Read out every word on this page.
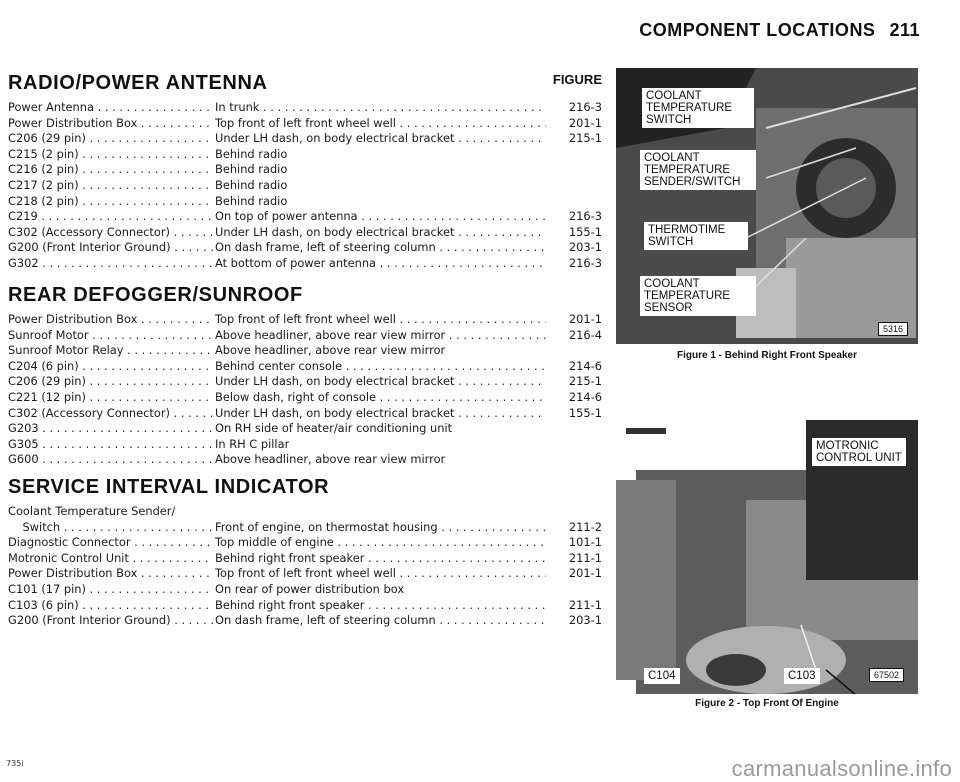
COMPONENT LOCATIONS 211
FIGURE
RADIO/POWER ANTENNA
Power Antenna . . .	In trunk . . .	216-3
Power Distribution Box . . .	Top front of left front wheel well . . .	201-1
C206 (29 pin) . . .	Under LH dash, on body electrical bracket . . .	215-1
C215 (2 pin) . . .	Behind radio
C216 (2 pin) . . .	Behind radio
C217 (2 pin) . . .	Behind radio
C218 (2 pin) . . .	Behind radio
C219 . . .	On top of power antenna . . .	216-3
C302 (Accessory Connector) . . .	Under LH dash, on body electrical bracket . . .	155-1
G200 (Front Interior Ground) . . .	On dash frame, left of steering column . . .	203-1
G302 . . .	At bottom of power antenna . . .	216-3
REAR DEFOGGER/SUNROOF
Power Distribution Box . . .	Top front of left front wheel well . . .	201-1
Sunroof Motor . . .	Above headliner, above rear view mirror . . .	216-4
Sunroof Motor Relay . . .	Above headliner, above rear view mirror
C204 (6 pin) . . .	Behind center console . . .	214-6
C206 (29 pin) . . .	Under LH dash, on body electrical bracket . . .	215-1
C221 (12 pin) . . .	Below dash, right of console . . .	214-6
C302 (Accessory Connector) . . .	Under LH dash, on body electrical bracket . . .	155-1
G203 . . .	On RH side of heater/air conditioning unit
G305 . . .	In RH C pillar
G600 . . .	Above headliner, above rear view mirror
SERVICE INTERVAL INDICATOR
Coolant Temperature Sender/
Switch . . .	Front of engine, on thermostat housing . . .	211-2
Diagnostic Connector . . .	Top middle of engine . . .	101-1
Motronic Control Unit . . .	Behind right front speaker . . .	211-1
Power Distribution Box . . .	Top front of left front wheel well . . .	201-1
C101 (17 pin) . . .	On rear of power distribution box
C103 (6 pin) . . .	Behind right front speaker . . .	211-1
G200 (Front Interior Ground) . . .	On dash frame, left of steering column . . .	203-1
COOLANT TEMPERATURE SWITCH
COOLANT TEMPERATURE SENDER/SWITCH
THERMOTIME SWITCH
COOLANT TEMPERATURE SENSOR
5316
Figure 1 - Behind Right Front Speaker
MOTRONIC CONTROL UNIT
C104	C103	67502
Figure 2 - Top Front Of Engine
735i	carmanualsonline.info
